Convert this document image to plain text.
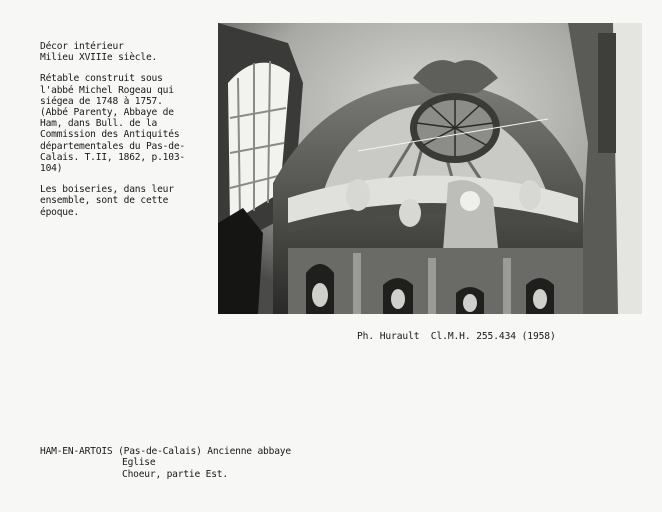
Décor intérieur
Milieu XVIIIe siècle.
Rétable construit sous
l'abbé Michel Rogeau qui
siégea de 1748 à 1757.
(Abbé Parenty, Abbaye de
Ham, dans Bull. de la
Commission des Antiquités
départementales du Pas-de-
Calais. T.II, 1862, p.103-
104)
Les boiseries, dans leur
ensemble, sont de cette
époque.
Ph. Hurault  Cl.M.H. 255.434 (1958)
HAM-EN-ARTOIS (Pas-de-Calais) Ancienne abbaye
Eglise
Choeur, partie Est.
